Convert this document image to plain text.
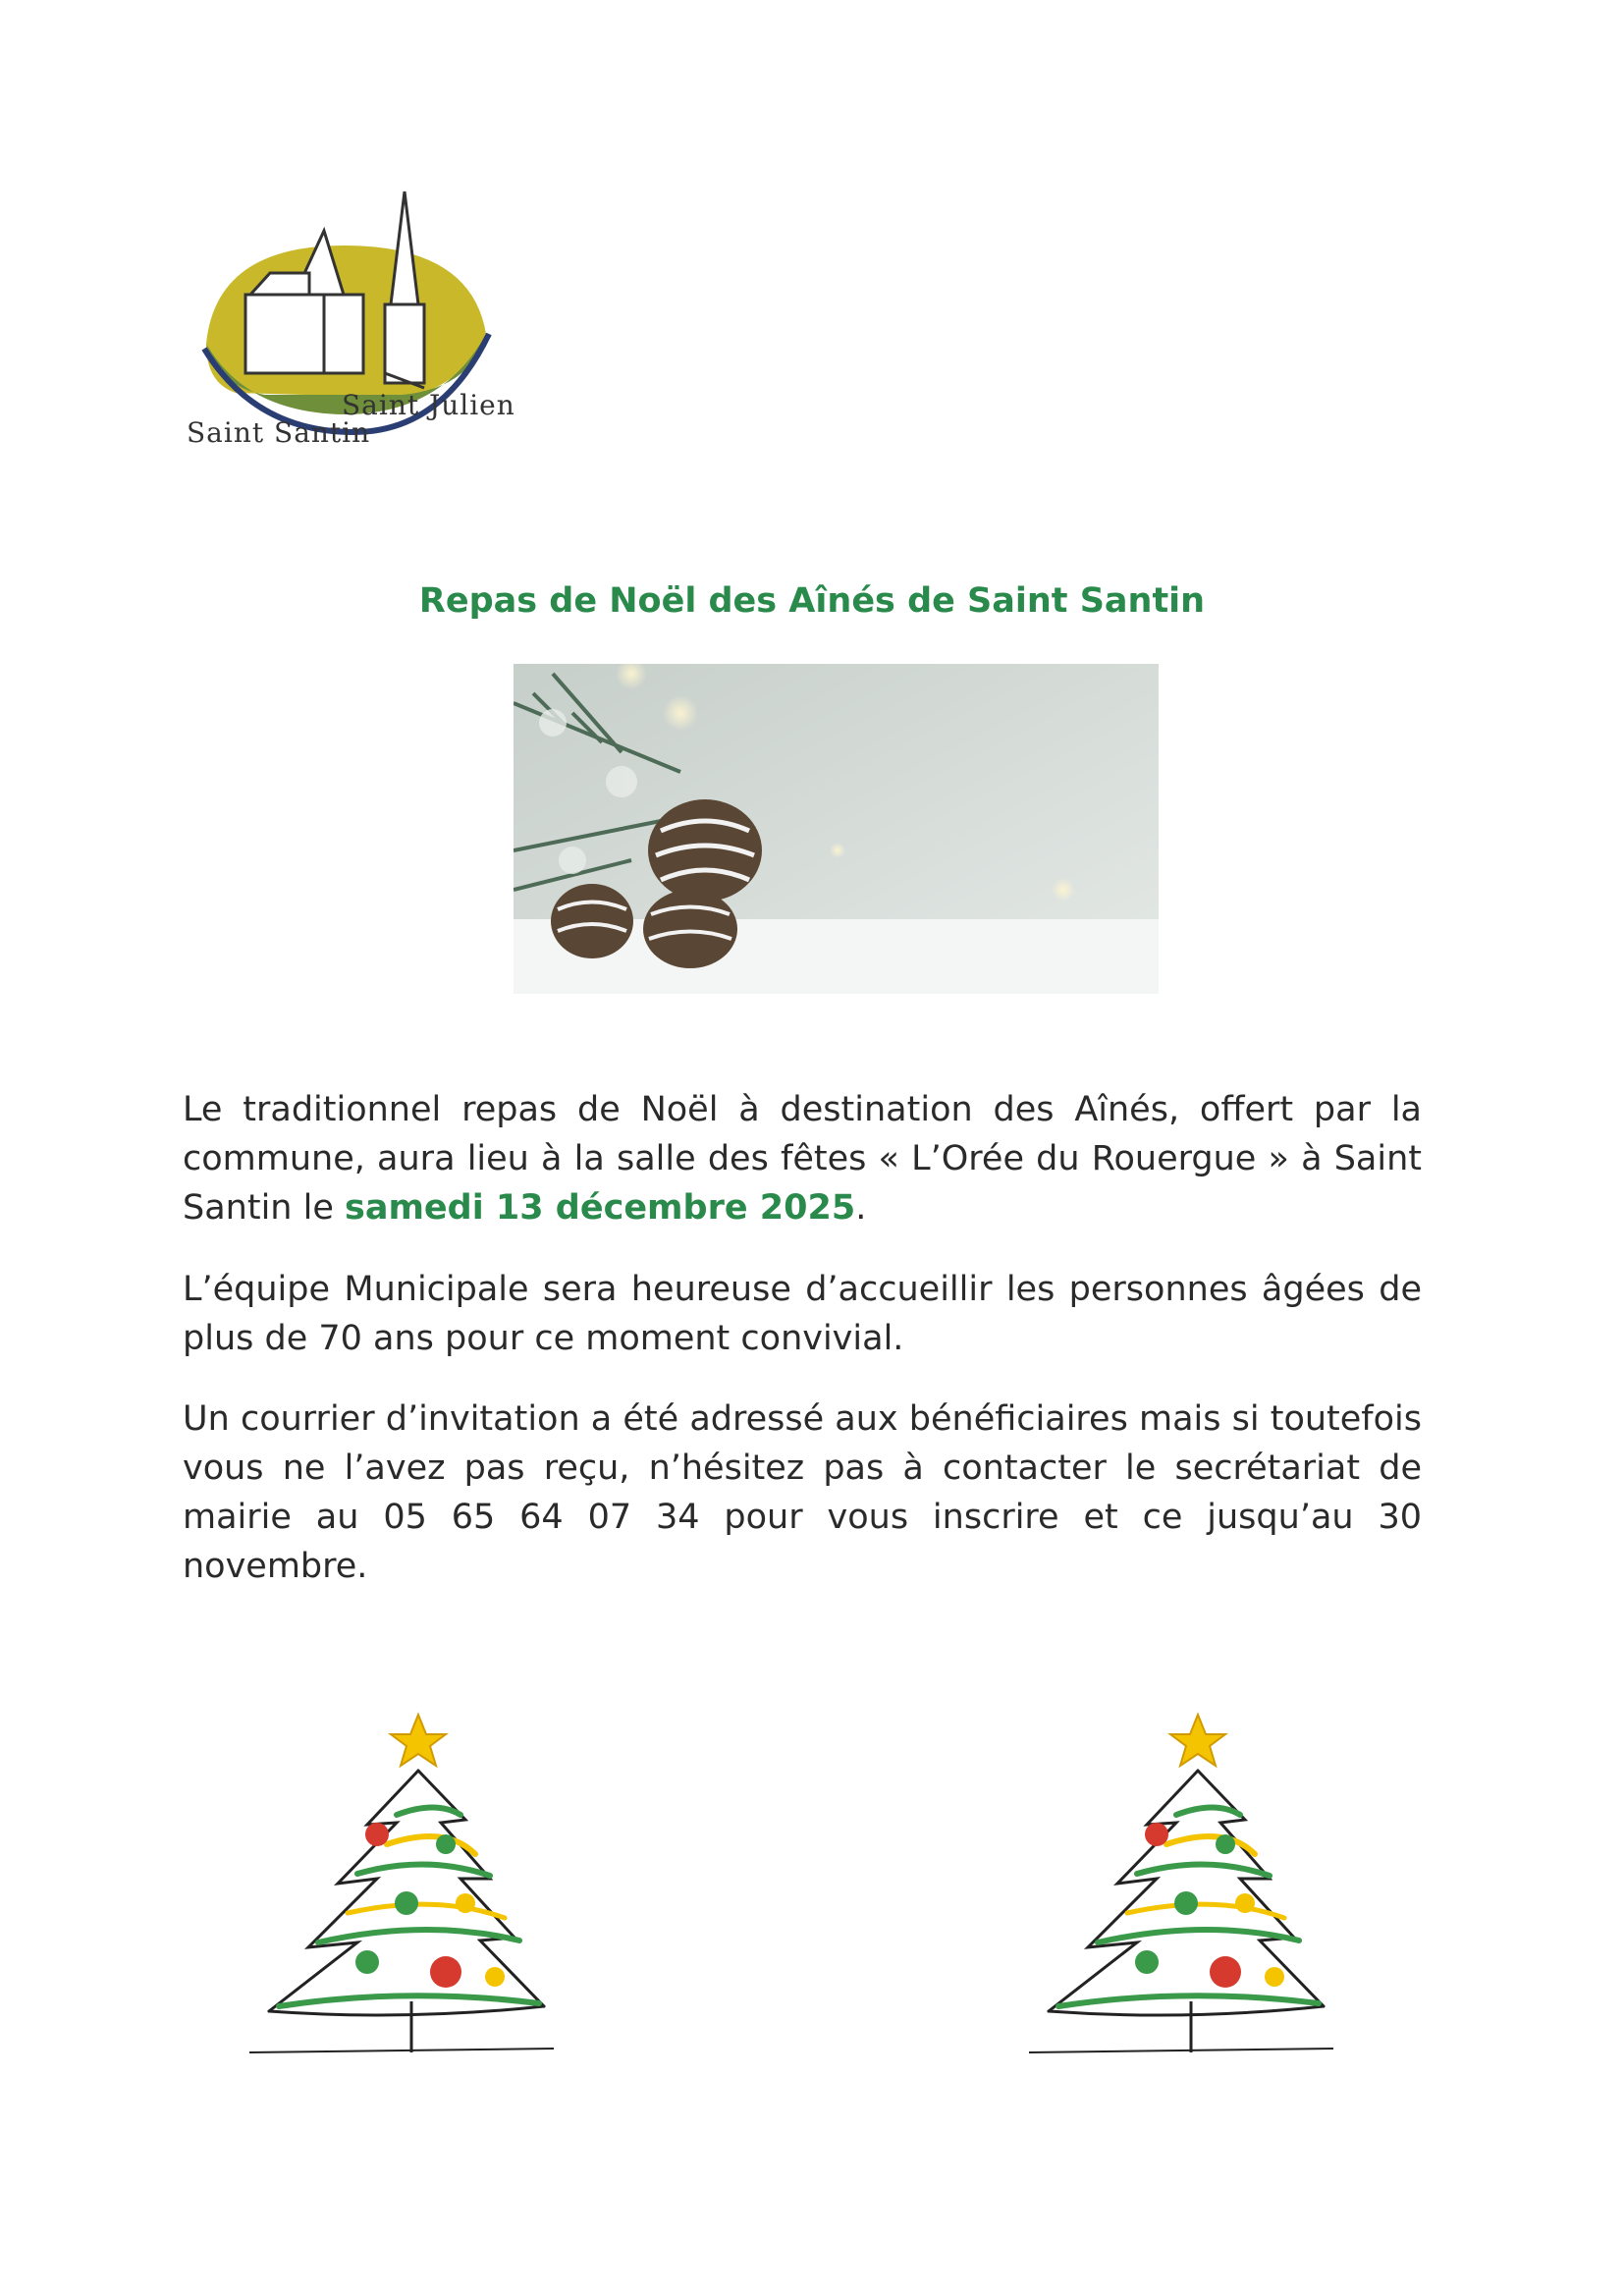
Saint Santin
Saint Julien
Repas de Noël des Aînés de Saint Santin

Le traditionnel repas de Noël à destination des Aînés, offert par la commune, aura lieu à la salle des fêtes « L’Orée du Rouergue » à Saint Santin le samedi 13 décembre 2025.

L’équipe Municipale sera heureuse d’accueillir les personnes âgées de plus de 70 ans pour ce moment convivial.

Un courrier d’invitation a été adressé aux bénéficiaires mais si toutefois vous ne l’avez pas reçu, n’hésitez pas à contacter le secrétariat de mairie au 05 65 64 07 34 pour vous inscrire et ce jusqu’au 30 novembre.
